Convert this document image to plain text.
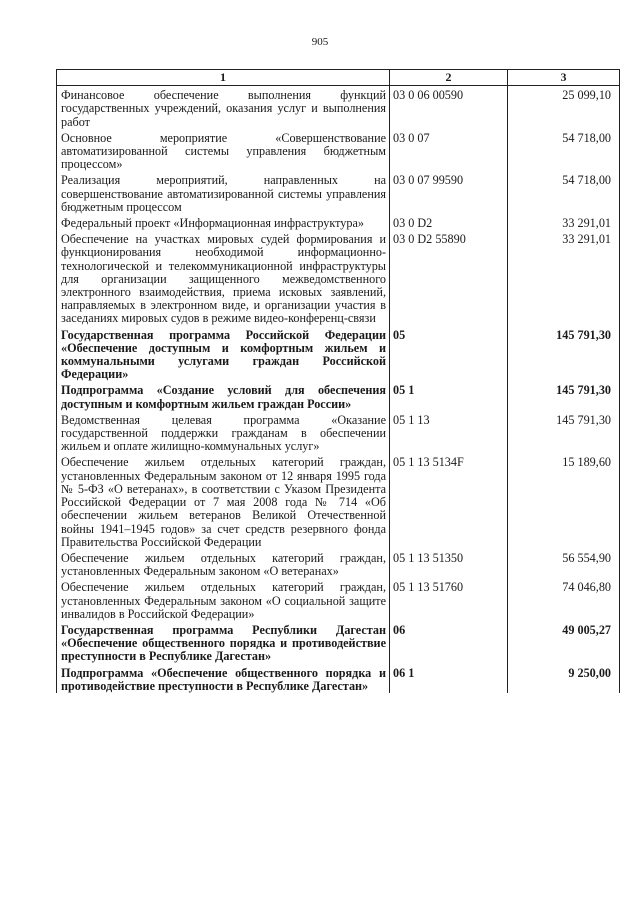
905
1	2	3
Финансовое обеспечение выполнения функций государственных учреждений, оказания услуг и выполнения работ	03 0 06 00590	25 099,10
Основное мероприятие «Совершенствование автоматизированной системы управления бюджетным процессом»	03 0 07	54 718,00
Реализация мероприятий, направленных на совершенствование автоматизированной системы управления бюджетным процессом	03 0 07 99590	54 718,00
Федеральный проект «Информационная инфраструктура»	03 0 D2	33 291,01
Обеспечение на участках мировых судей формирования и функционирования необходимой информационно-технологической и телекоммуникационной инфраструктуры для организации защищенного межведомственного электронного взаимодействия, приема исковых заявлений, направляемых в электронном виде, и организации участия в заседаниях мировых судов в режиме видео-конференц-связи	03 0 D2 55890	33 291,01
Государственная программа Российской Федерации «Обеспечение доступным и комфортным жильем и коммунальными услугами граждан Российской Федерации»	05	145 791,30
Подпрограмма «Создание условий для обеспечения доступным и комфортным жильем граждан России»	05 1	145 791,30
Ведомственная целевая программа «Оказание государственной поддержки гражданам в обеспечении жильем и оплате жилищно-коммунальных услуг»	05 1 13	145 791,30
Обеспечение жильем отдельных категорий граждан, установленных Федеральным законом от 12 января 1995 года № 5-ФЗ «О ветеранах», в соответствии с Указом Президента Российской Федерации от 7 мая 2008 года № 714 «Об обеспечении жильем ветеранов Великой Отечественной войны 1941–1945 годов» за счет средств резервного фонда Правительства Российской Федерации	05 1 13 5134F	15 189,60
Обеспечение жильем отдельных категорий граждан, установленных Федеральным законом «О ветеранах»	05 1 13 51350	56 554,90
Обеспечение жильем отдельных категорий граждан, установленных Федеральным законом «О социальной защите инвалидов в Российской Федерации»	05 1 13 51760	74 046,80
Государственная программа Республики Дагестан «Обеспечение общественного порядка и противодействие преступности в Республике Дагестан»	06	49 005,27
Подпрограмма «Обеспечение общественного порядка и противодействие преступности в Республике Дагестан»	06 1	9 250,00
